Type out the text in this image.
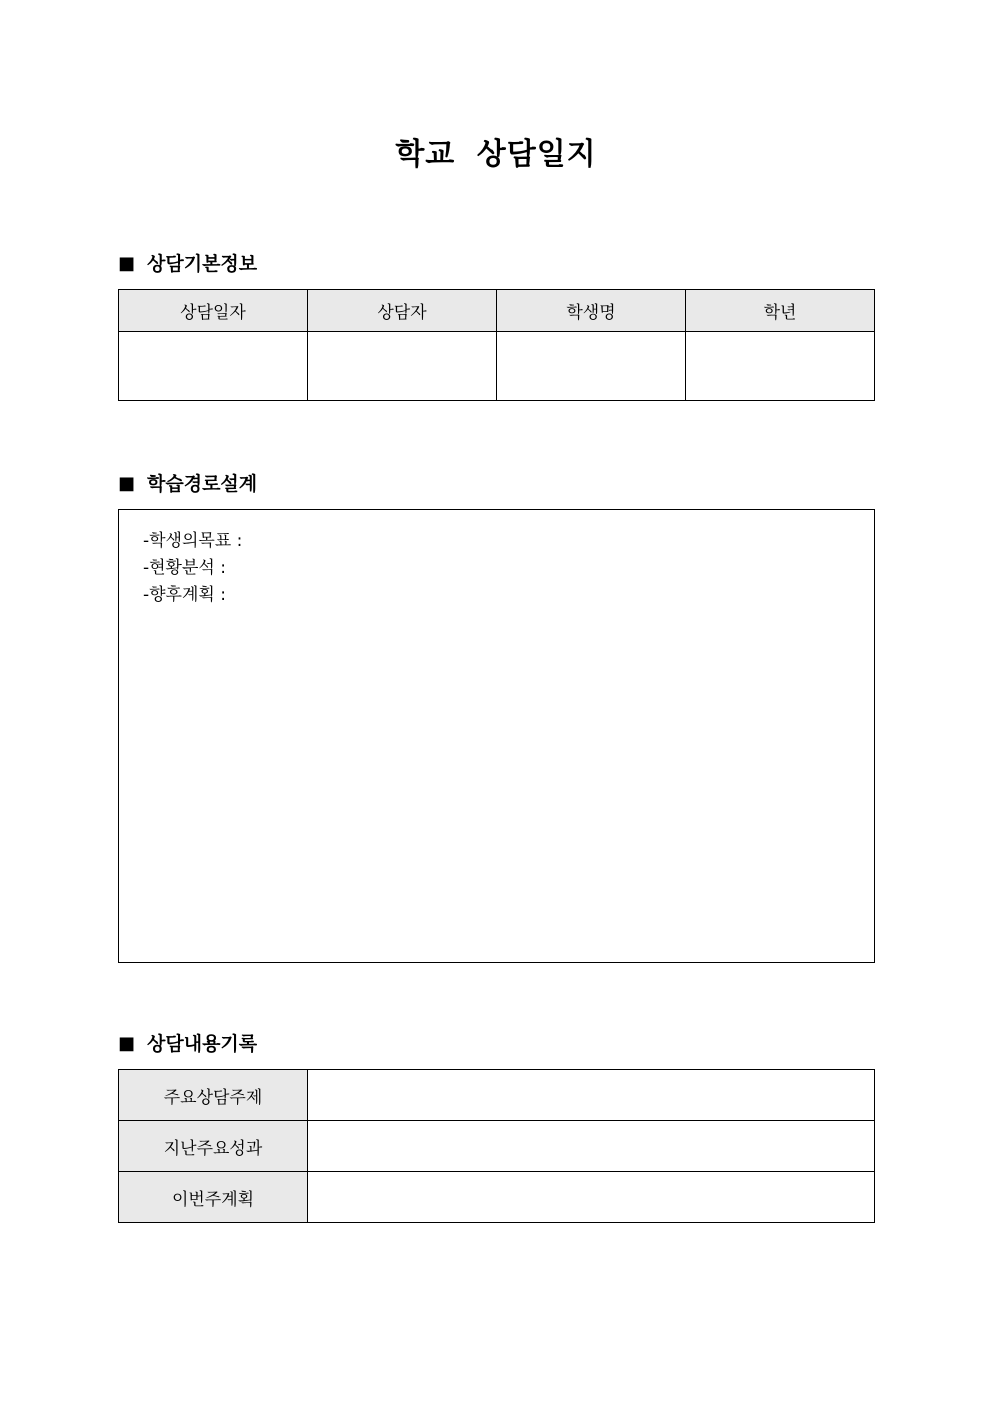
학교 상담일지
■ 상담기본정보
상담일자	상담자	학생명	학년

■ 학습경로설계
-학생의목표 :
-현황분석 :
-향후계획 :
■ 상담내용기록
주요상담주제	
지난주요성과	
이번주계획	
